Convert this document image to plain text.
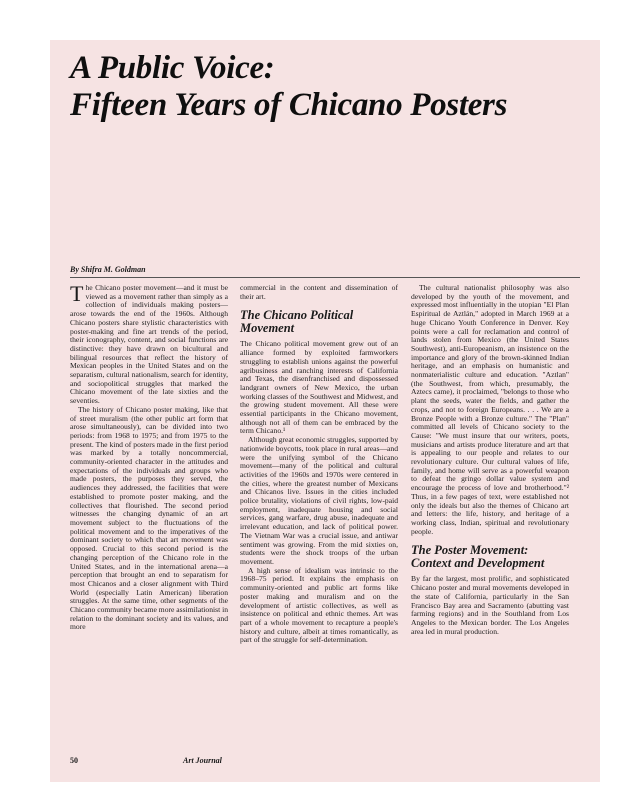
A Public Voice:
Fifteen Years of Chicano Posters

By Shifra M. Goldman

The Chicano poster movement—and it must be viewed as a movement rather than simply as a collection of individuals making posters—arose towards the end of the 1960s. Although Chicano posters share stylistic characteristics with poster-making and fine art trends of the period, their iconography, content, and social functions are distinctive: they have drawn on bicultural and bilingual resources that reflect the history of Mexican peoples in the United States and on the separatism, cultural nationalism, search for identity, and sociopolitical struggles that marked the Chicano movement of the late sixties and the seventies.

The history of Chicano poster making, like that of street muralism (the other public art form that arose simultaneously), can be divided into two periods: from 1968 to 1975; and from 1975 to the present. The kind of posters made in the first period was marked by a totally noncommercial, community-oriented character in the attitudes and expectations of the individuals and groups who made posters, the purposes they served, the audiences they addressed, the facilities that were established to promote poster making, and the collectives that flourished. The second period witnesses the changing dynamic of an art movement subject to the fluctuations of the political movement and to the imperatives of the dominant society to which that art movement was opposed. Crucial to this second period is the changing perception of the Chicano role in the United States, and in the international arena—a perception that brought an end to separatism for most Chicanos and a closer alignment with Third World (especially Latin American) liberation struggles. At the same time, other segments of the Chicano community became more assimilationist in relation to the dominant society and its values, and more

commercial in the content and dissemination of their art.

The Chicano Political Movement

The Chicano political movement grew out of an alliance formed by exploited farmworkers struggling to establish unions against the powerful agribusiness and ranching interests of California and Texas, the disenfranchised and dispossessed landgrant owners of New Mexico, the urban working classes of the Southwest and Midwest, and the growing student movement. All these were essential participants in the Chicano movement, although not all of them can be embraced by the term Chicano.¹

Although great economic struggles, supported by nationwide boycotts, took place in rural areas—and were the unifying symbol of the Chicano movement—many of the political and cultural activities of the 1960s and 1970s were centered in the cities, where the greatest number of Mexicans and Chicanos live. Issues in the cities included police brutality, violations of civil rights, low-paid employment, inadequate housing and social services, gang warfare, drug abuse, inadequate and irrelevant education, and lack of political power. The Vietnam War was a crucial issue, and antiwar sentiment was growing. From the mid sixties on, students were the shock troops of the urban movement.

A high sense of idealism was intrinsic to the 1968–75 period. It explains the emphasis on community-oriented and public art forms like poster making and muralism and on the development of artistic collectives, as well as insistence on political and ethnic themes. Art was part of a whole movement to recapture a people's history and culture, albeit at times romantically, as part of the struggle for self-determination.

The cultural nationalist philosophy was also developed by the youth of the movement, and expressed most influentially in the utopian "El Plan Espiritual de Aztlán," adopted in March 1969 at a huge Chicano Youth Conference in Denver. Key points were a call for reclamation and control of lands stolen from Mexico (the United States Southwest), anti-Europeanism, an insistence on the importance and glory of the brown-skinned Indian heritage, and an emphasis on humanistic and nonmaterialistic culture and education. "Aztlan" (the Southwest, from which, presumably, the Aztecs came), it proclaimed, "belongs to those who plant the seeds, water the fields, and gather the crops, and not to foreign Europeans. . . . We are a Bronze People with a Bronze culture." The "Plan" committed all levels of Chicano society to the Cause: "We must insure that our writers, poets, musicians and artists produce literature and art that is appealing to our people and relates to our revolutionary culture. Our cultural values of life, family, and home will serve as a powerful weapon to defeat the gringo dollar value system and encourage the process of love and brotherhood."² Thus, in a few pages of text, were established not only the ideals but also the themes of Chicano art and letters: the life, history, and heritage of a working class, Indian, spiritual and revolutionary people.

The Poster Movement: Context and Development

By far the largest, most prolific, and sophisticated Chicano poster and mural movements developed in the state of California, particularly in the San Francisco Bay area and Sacramento (abutting vast farming regions) and in the Southland from Los Angeles to the Mexican border. The Los Angeles area led in mural production.

50	Art Journal
